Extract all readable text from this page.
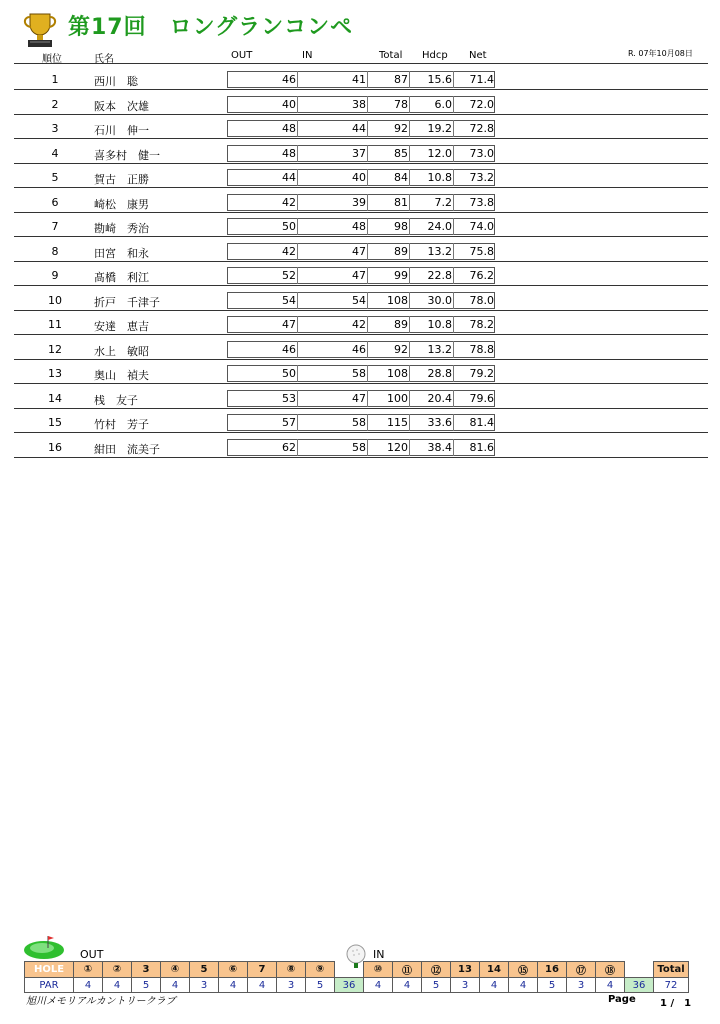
第17回　ロングランコンペ
R. 07年10月08日
順位	氏名	OUT	IN	Total Hdcp Net
1	西川　聡	46	41	87	15.6	71.4
2	阪本　次雄	40	38	78	6.0	72.0
3	石川　伸一	48	44	92	19.2	72.8
4	喜多村　健一	48	37	85	12.0	73.0
5	賀古　正勝	44	40	84	10.8	73.2
6	崎松　康男	42	39	81	7.2	73.8
7	勘崎　秀治	50	48	98	24.0	74.0
8	田宮　和永	42	47	89	13.2	75.8
9	髙橋　利江	52	47	99	22.8	76.2
10	折戸　千津子	54	54	108	30.0	78.0
11	安達　恵吉	47	42	89	10.8	78.2
12	水上　敏昭	46	46	92	13.2	78.8
13	奥山　禎夫	50	58	108	28.8	79.2
14	桟　友子	53	47	100	20.4	79.6
15	竹村　芳子	57	58	115	33.6	81.4
16	紺田　流美子	62	58	120	38.4	81.6
OUT	IN
HOLE	①	②	3	④	5	⑥	7	⑧	⑨		⑩	⑪	⑫	13	14	⑮	16	⑰	⑱		Total
PAR	4	4	5	4	3	4	4	3	5	36	4	4	5	3	4	4	5	3	4	36	72
旭川メモリアルカントリークラブ	Page 1 /　1
